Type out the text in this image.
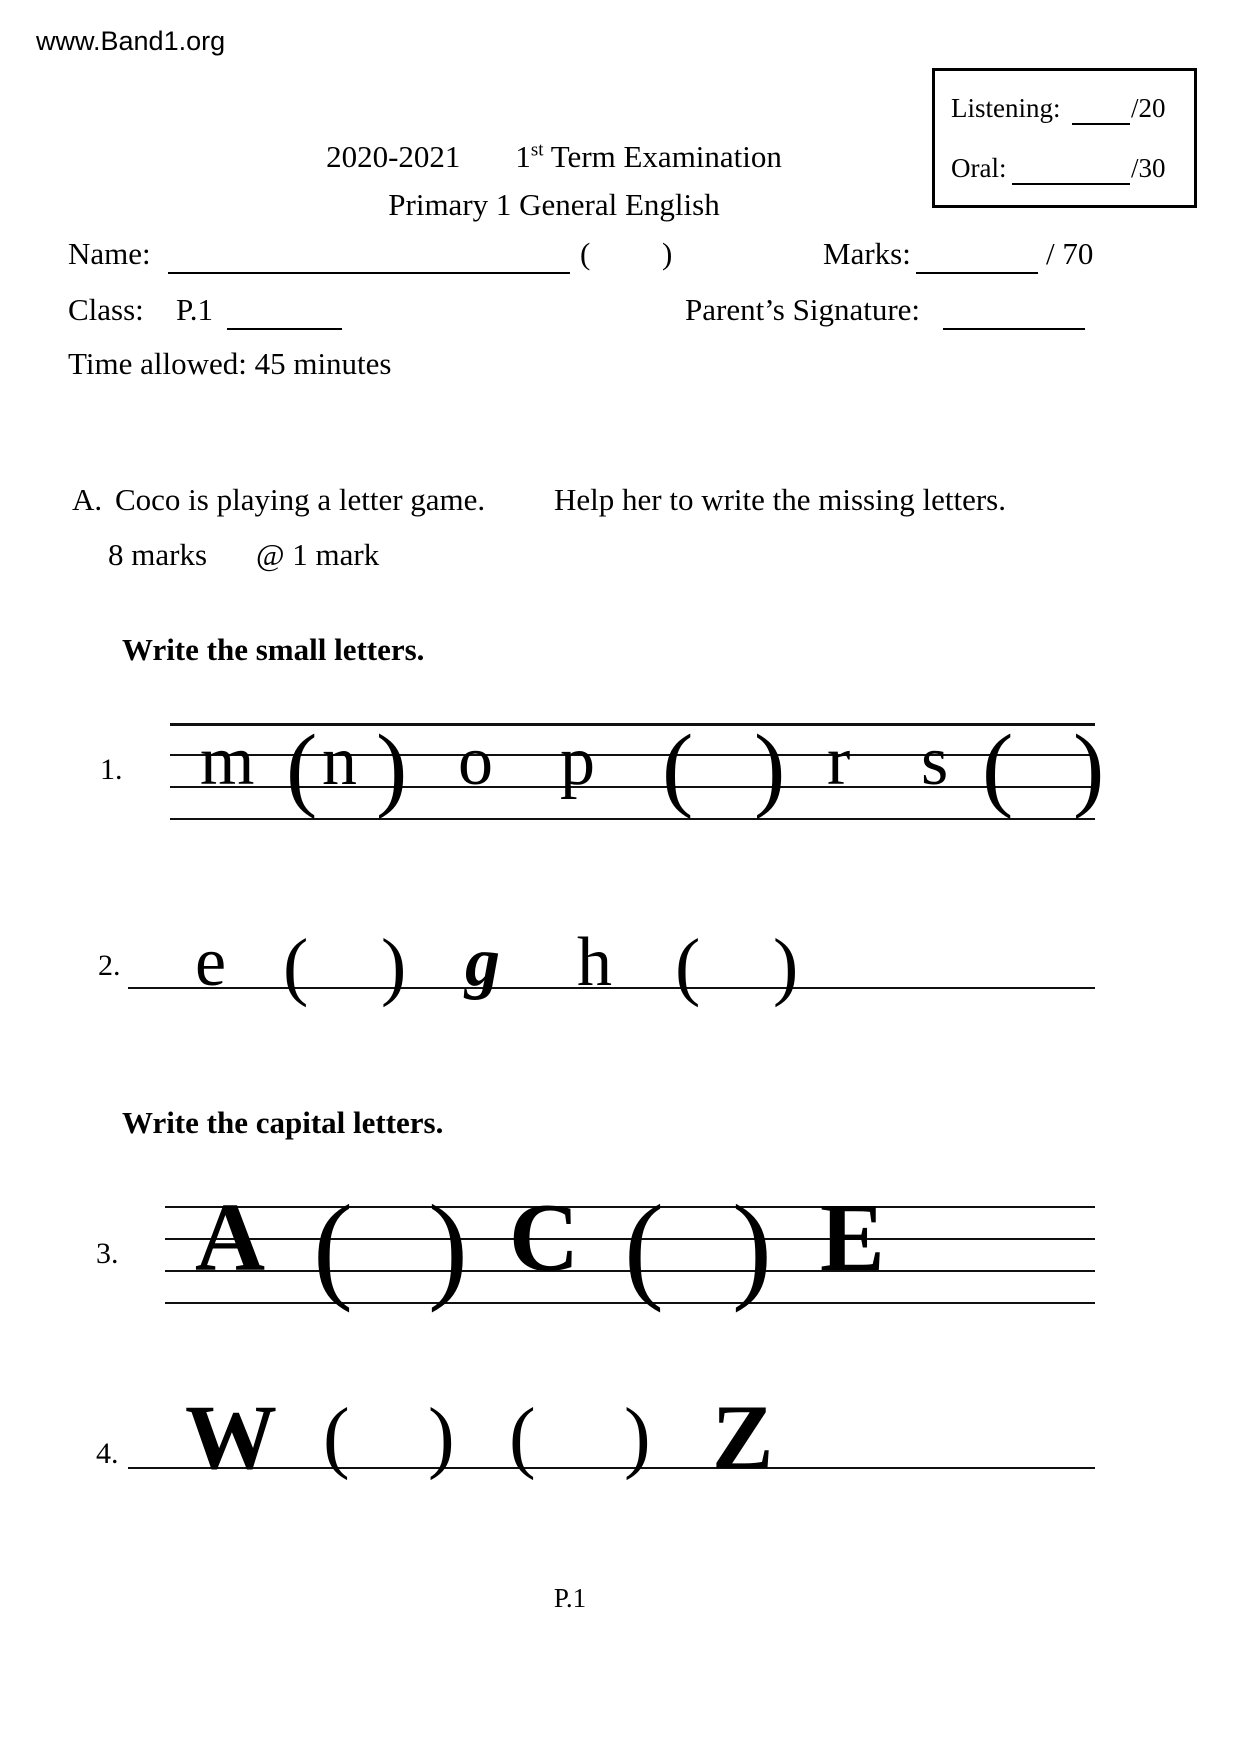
www.Band1.org
Listening:	/20
Oral:	/30
2020-2021 1st Term Examination
Primary 1 General English
Name:	( )	Marks:	/ 70
Class: P.1	Parent’s Signature:
Time allowed: 45 minutes
A. Coco is playing a letter game. Help her to write the missing letters.
8 marks @ 1 mark
Write the small letters.
1. m ( n ) o p ( ) r s ( )
2. e ( ) g h ( )
Write the capital letters.
3. A ( ) C ( ) E
4. W ( ) ( ) Z
P.1
